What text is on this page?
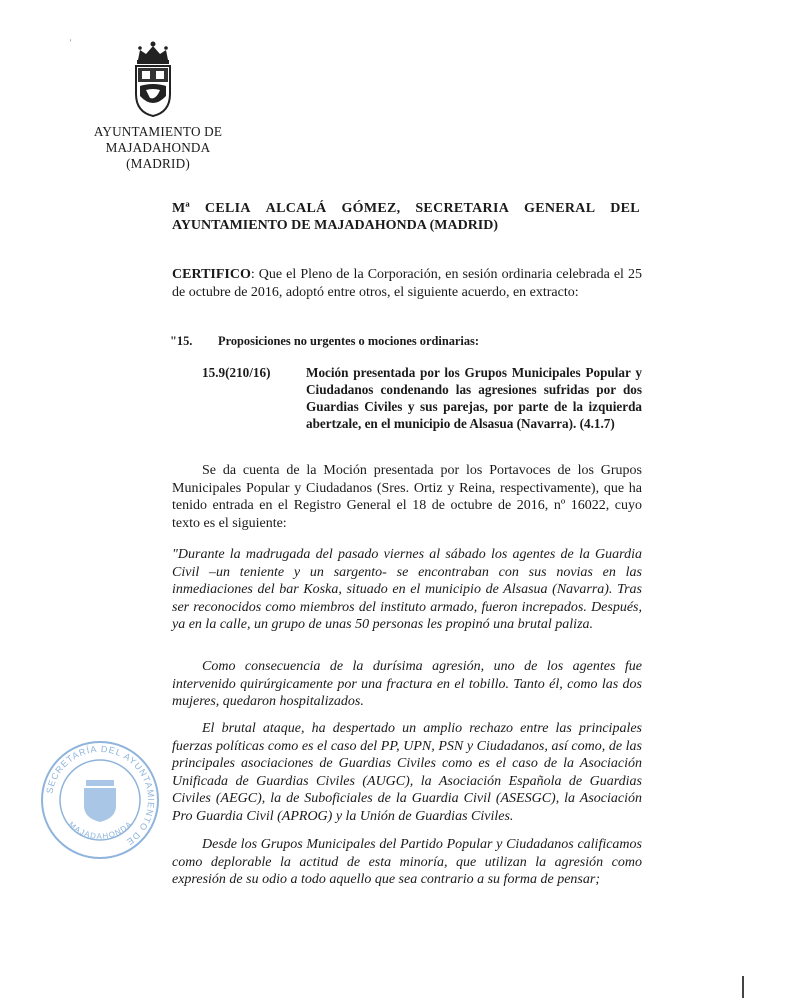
'
AYUNTAMIENTO DE
MAJADAHONDA
(MADRID)
Mª CELIA ALCALÁ GÓMEZ, SECRETARIA GENERAL DEL
AYUNTAMIENTO DE MAJADAHONDA (MADRID)
CERTIFICO: Que el Pleno de la Corporación, en sesión ordinaria celebrada el 25 de octubre de 2016, adoptó entre otros, el siguiente acuerdo, en extracto:
"15. Proposiciones no urgentes o mociones ordinarias:
15.9(210/16)	Moción presentada por los Grupos Municipales Popular y Ciudadanos condenando las agresiones sufridas por dos Guardias Civiles y sus parejas, por parte de la izquierda abertzale, en el municipio de Alsasua (Navarra). (4.1.7)
Se da cuenta de la Moción presentada por los Portavoces de los Grupos Municipales Popular y Ciudadanos (Sres. Ortiz y Reina, respectivamente), que ha tenido entrada en el Registro General el 18 de octubre de 2016, nº 16022, cuyo texto es el siguiente:
"Durante la madrugada del pasado viernes al sábado los agentes de la Guardia Civil –un teniente y un sargento- se encontraban con sus novias en las inmediaciones del bar Koska, situado en el municipio de Alsasua (Navarra). Tras ser reconocidos como miembros del instituto armado, fueron increpados. Después, ya en la calle, un grupo de unas 50 personas les propinó una brutal paliza.
Como consecuencia de la durísima agresión, uno de los agentes fue intervenido quirúrgicamente por una fractura en el tobillo. Tanto él, como las dos mujeres, quedaron hospitalizados.
El brutal ataque, ha despertado un amplio rechazo entre las principales fuerzas políticas como es el caso del PP, UPN, PSN y Ciudadanos, así como, de las principales asociaciones de Guardias Civiles como es el caso de la Asociación Unificada de Guardias Civiles (AUGC), la Asociación Española de Guardias Civiles (AEGC), la de Suboficiales de la Guardia Civil (ASESGC), la Asociación Pro Guardia Civil (APROG) y la Unión de Guardias Civiles.
Desde los Grupos Municipales del Partido Popular y Ciudadanos calificamos como deplorable la actitud de esta minoría, que utilizan la agresión como expresión de su odio a todo aquello que sea contrario a su forma de pensar;
SECRETARÍA DEL AYUNTAMIENTO DE
MAJADAHONDA
